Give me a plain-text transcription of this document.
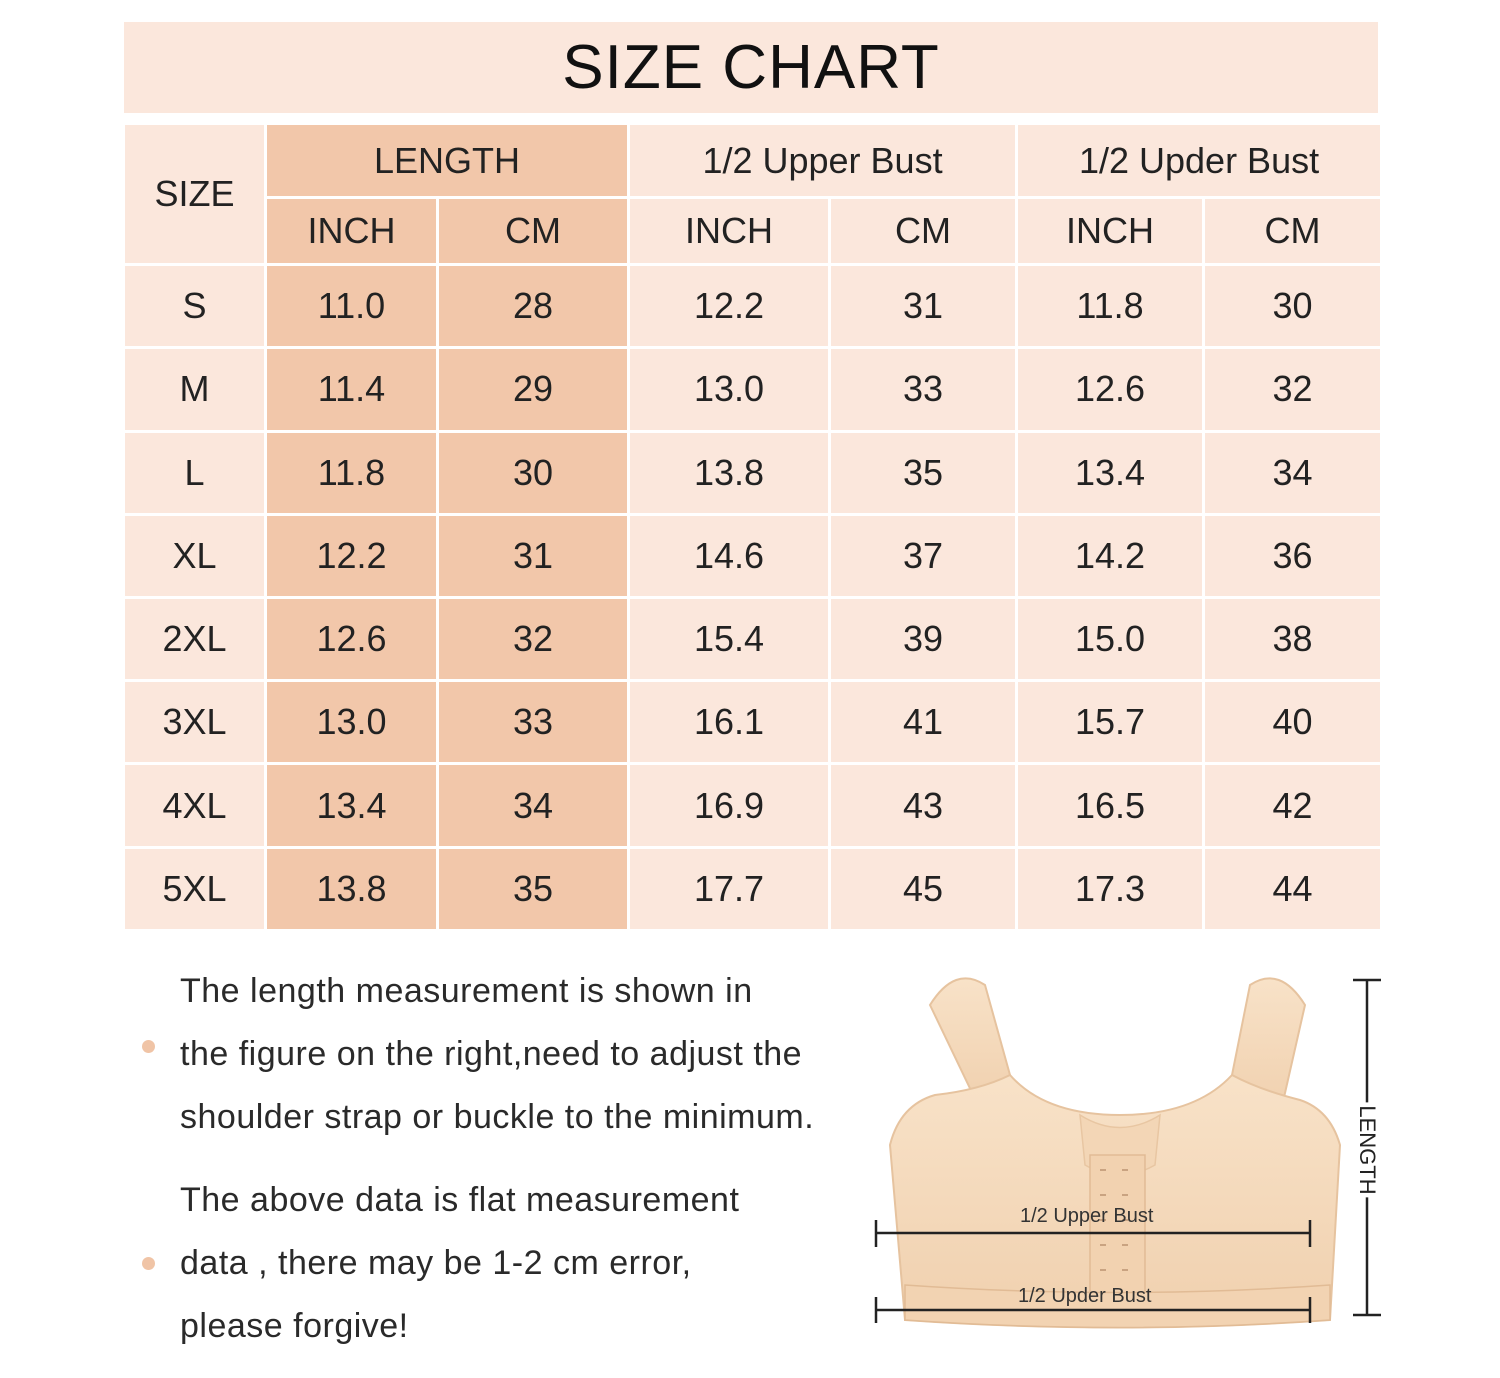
SIZE CHART
SIZE	LENGTH		1/2 Upper Bust		1/2 Upder Bust	
	INCH	CM	INCH	CM	INCH	CM
S	11.0	28	12.2	31	11.8	30
M	11.4	29	13.0	33	12.6	32
L	11.8	30	13.8	35	13.4	34
XL	12.2	31	14.6	37	14.2	36
2XL	12.6	32	15.4	39	15.0	38
3XL	13.0	33	16.1	41	15.7	40
4XL	13.4	34	16.9	43	16.5	42
5XL	13.8	35	17.7	45	17.3	44

The length measurement is shown in

the figure on the right,need to adjust the

shoulder strap or buckle to the minimum.

The above data is flat measurement

data , there may be 1-2 cm error,

please forgive!

1/2 Upper Bust
1/2 Upder Bust
LENGTH
